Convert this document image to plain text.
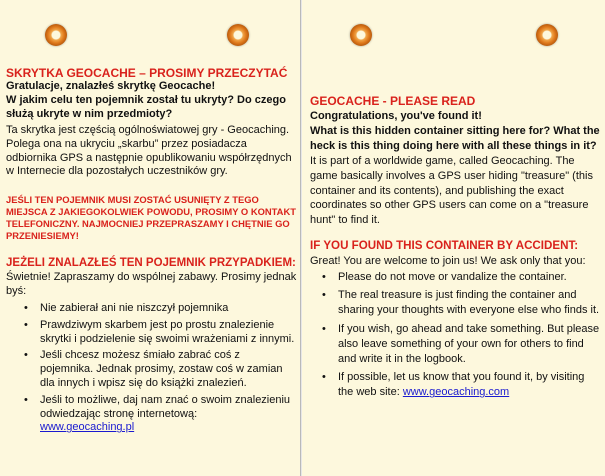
SKRYTKA GEOCACHE – PROSIMY PRZECZYTAĆ
Gratulacje, znalazłeś skrytkę Geocache!
W jakim celu ten pojemnik został tu ukryty? Do czego służą ukryte w nim przedmioty?
Ta skrytka jest częścią ogólnoświatowej gry - Geocaching. Polega ona na ukryciu „skarbu” przez posiadacza odbiornika GPS a następnie opublikowaniu współrzędnych w Internecie dla pozostałych uczestników gry.
JEŚLI TEN POJEMNIK MUSI ZOSTAĆ USUNIĘTY Z TEGO MIEJSCA Z JAKIEGOKOLWIEK POWODU, PROSIMY O KONTAKT TELEFONICZNY. NAJMOCNIEJ PRZEPRASZAMY I CHĘTNIE GO PRZENIESIEMY!
JEŻELI ZNALAZŁEŚ TEN POJEMNIK PRZYPADKIEM:
Świetnie! Zapraszamy do wspólnej zabawy. Prosimy jednak byś:
• Nie zabierał ani nie niszczył pojemnika
• Prawdziwym skarbem jest po prostu znalezienie skrytki i podzielenie się swoimi wrażeniami z innymi.
• Jeśli chcesz możesz śmiało zabrać coś z pojemnika. Jednak prosimy, zostaw coś w zamian dla innych i wpisz się do książki znalezień.
• Jeśli to możliwe, daj nam znać o swoim znalezieniu odwiedzając stronę internetową:
www.geocaching.pl
GEOCACHE - PLEASE READ
Congratulations, you've found it!
What is this hidden container sitting here for? What the heck is this thing doing here with all these things in it?
It is part of a worldwide game, called Geocaching. The game basically involves a GPS user hiding "treasure" (this container and its contents), and publishing the exact coordinates so other GPS users can come on a "treasure hunt" to find it.
IF YOU FOUND THIS CONTAINER BY ACCIDENT:
Great! You are welcome to join us! We ask only that you:
• Please do not move or vandalize the container.
• The real treasure is just finding the container and sharing your thoughts with everyone else who finds it.
• If you wish, go ahead and take something. But please also leave something of your own for others to find and write it in the logbook.
• If possible, let us know that you found it, by visiting the web site: www.geocaching.com
